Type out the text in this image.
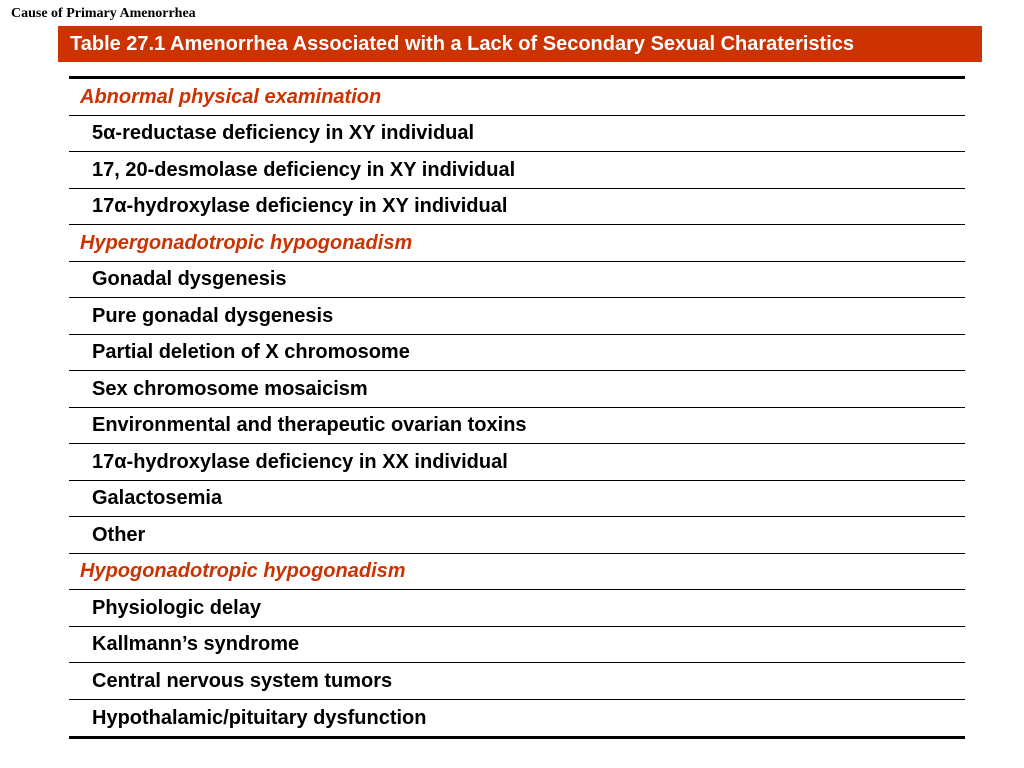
Cause of Primary Amenorrhea
Table 27.1 Amenorrhea Associated with a Lack of Secondary Sexual Charateristics
Abnormal physical examination
5α-reductase deficiency in XY individual
17, 20-desmolase deficiency in XY individual
17α-hydroxylase deficiency in XY individual
Hypergonadotropic hypogonadism
Gonadal dysgenesis
Pure gonadal dysgenesis
Partial deletion of X chromosome
Sex chromosome mosaicism
Environmental and therapeutic ovarian toxins
17α-hydroxylase deficiency in XX individual
Galactosemia
Other
Hypogonadotropic hypogonadism
Physiologic delay
Kallmann’s syndrome
Central nervous system tumors
Hypothalamic/pituitary dysfunction
